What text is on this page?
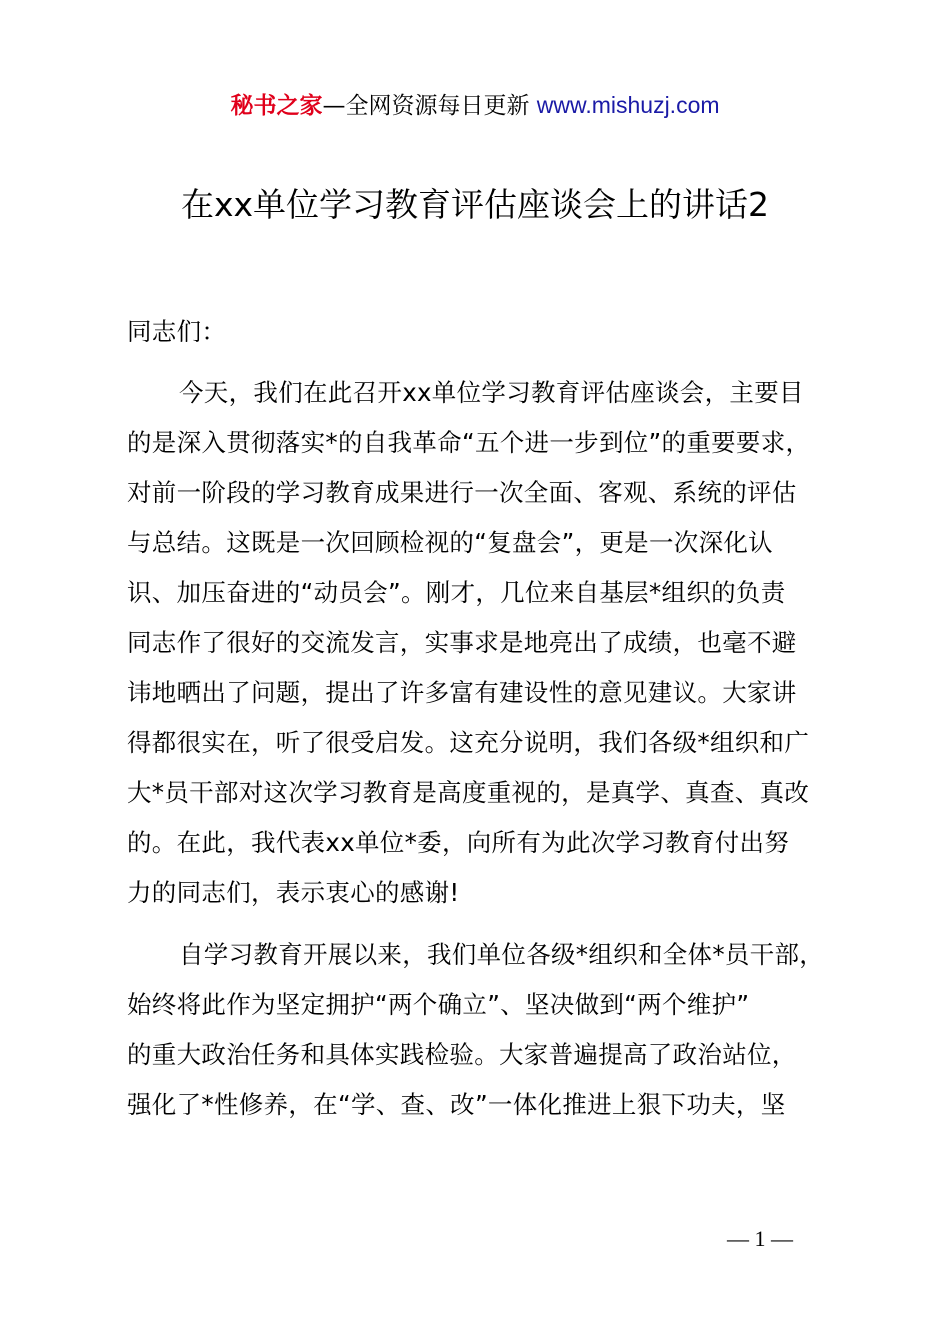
秘书之家—全网资源每日更新 www.mishuzj.com
在xx单位学习教育评估座谈会上的讲话2
同志们：
今天，我们在此召开xx单位学习教育评估座谈会，主要目
的是深入贯彻落实*的自我革命“五个进一步到位”的重要要求，
对前一阶段的学习教育成果进行一次全面、客观、系统的评估
与总结。这既是一次回顾检视的“复盘会”，更是一次深化认
识、加压奋进的“动员会”。刚才，几位来自基层*组织的负责
同志作了很好的交流发言，实事求是地亮出了成绩，也毫不避
讳地晒出了问题，提出了许多富有建设性的意见建议。大家讲
得都很实在，听了很受启发。这充分说明，我们各级*组织和广
大*员干部对这次学习教育是高度重视的，是真学、真查、真改
的。在此，我代表xx单位*委，向所有为此次学习教育付出努
力的同志们，表示衷心的感谢!
自学习教育开展以来，我们单位各级*组织和全体*员干部，
始终将此作为坚定拥护“两个确立”、坚决做到“两个维护”
的重大政治任务和具体实践检验。大家普遍提高了政治站位，
强化了*性修养，在“学、查、改”一体化推进上狠下功夫，坚
— 1 —
